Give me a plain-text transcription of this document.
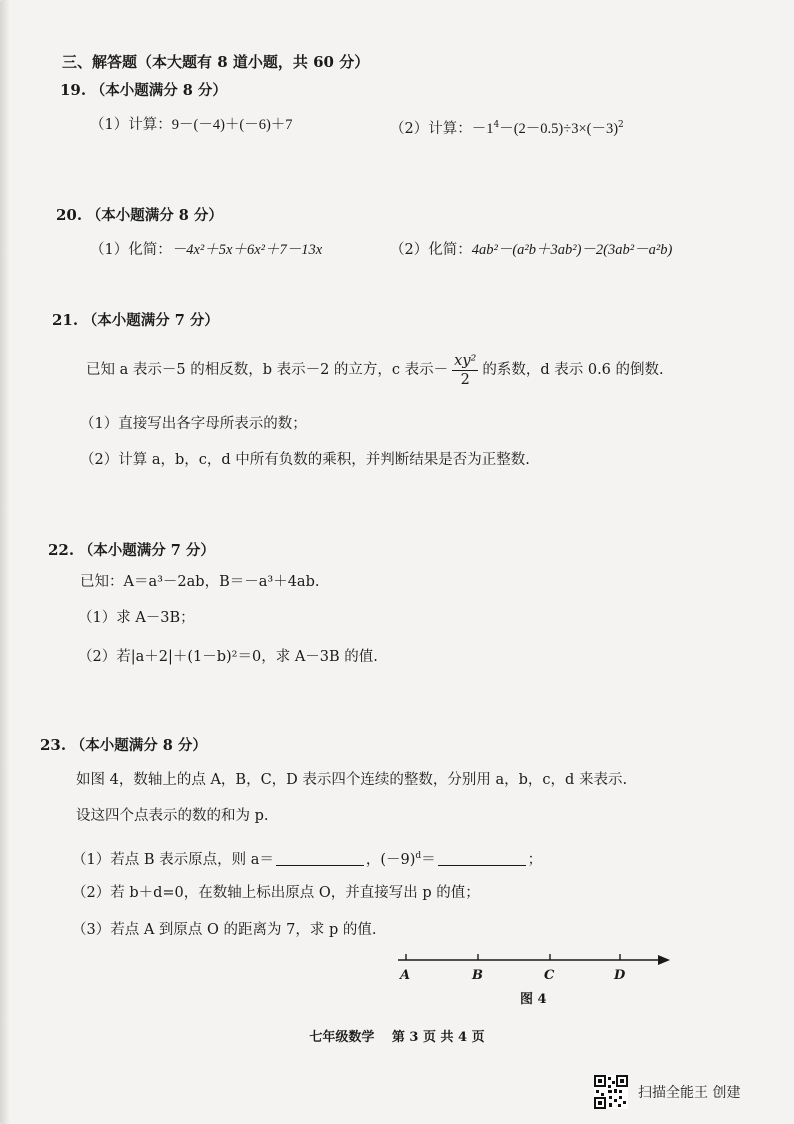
三、解答题（本大题有 8 道小题，共 60 分）
19. （本小题满分 8 分）
（1）计算：9－(－4)＋(－6)＋7	（2）计算：$-1^4-(2-0.5)\div 3\times(-3)^2$
20. （本小题满分 8 分）
（1）化简：－4x²＋5x＋6x²＋7－13x	（2）化简：4ab²－(a²b＋3ab²)－2(3ab²－a²b)
21. （本小题满分 7 分）
已知 a 表示－5 的相反数，b 表示－2 的立方，c 表示－ $\frac{\text{xy²}}{2}$ 的系数，d 表示 0.6 的倒数.
（1）直接写出各字母所表示的数；
（2）计算 a，b，c，d 中所有负数的乘积，并判断结果是否为正整数.
22. （本小题满分 7 分）
已知：A＝a³－2ab，B＝－a³＋4ab.
（1）求 A－3B；
（2）若|a＋2|＋(1－b)²＝0，求 A－3B 的值.
23. （本小题满分 8 分）
如图 4，数轴上的点 A，B，C，D 表示四个连续的整数，分别用 a，b，c，d 来表示.
设这四个点表示的数的和为 p.
（1）若点 B 表示原点，则 a＝	，$(-9)^d=$	；
（2）若 b＋d=0，在数轴上标出原点 O，并直接写出 p 的值；
（3）若点 A 到原点 O 的距离为 7，求 p 的值.
A	B	C	D
图 4
七年级数学　 第 3 页 共 4 页
扫描全能王 创建
